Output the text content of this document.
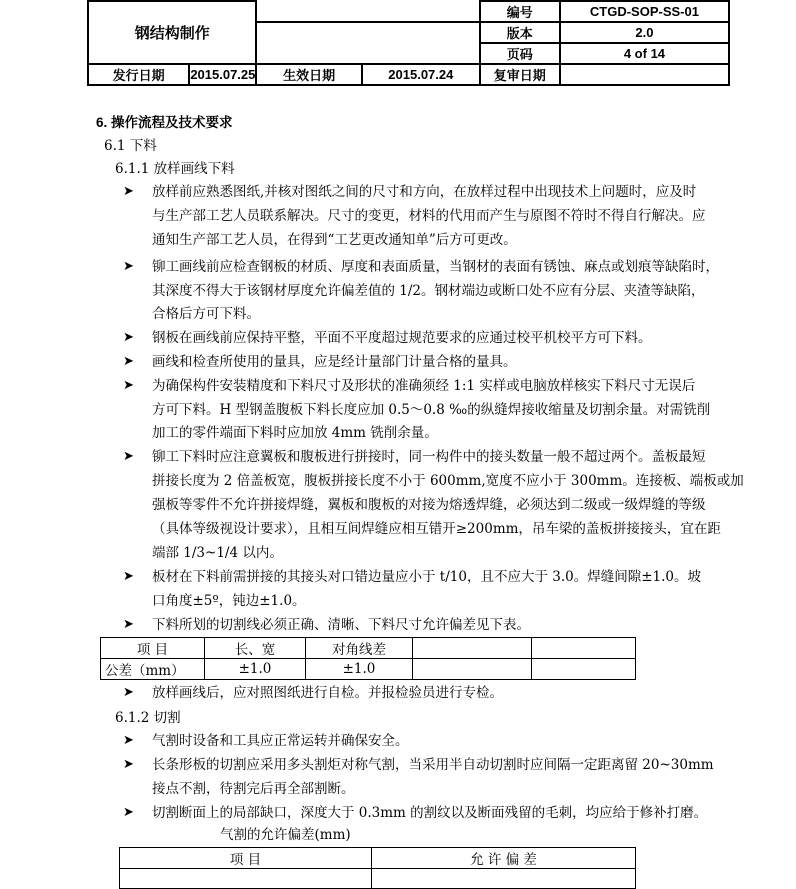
钢结构制作				编号	CTGD-SOP-SS-01
				版本	2.0
				页码	4 of 14
发行日期	2015.07.25	生效日期	2015.07.24	复审日期	
6. 操作流程及技术要求
6.1 下料
6.1.1 放样画线下料
➤ 放样前应熟悉图纸,并核对图纸之间的尺寸和方向，在放样过程中出现技术上问题时，应及时
与生产部工艺人员联系解决。尺寸的变更，材料的代用而产生与原图不符时不得自行解决。应
通知生产部工艺人员，在得到“工艺更改通知单”后方可更改。
➤ 铆工画线前应检查钢板的材质、厚度和表面质量，当钢材的表面有锈蚀、麻点或划痕等缺陷时，
其深度不得大于该钢材厚度允许偏差值的 1/2。钢材端边或断口处不应有分层、夹渣等缺陷，
合格后方可下料。
➤ 钢板在画线前应保持平整，平面不平度超过规范要求的应通过校平机校平方可下料。
➤ 画线和检查所使用的量具，应是经计量部门计量合格的量具。
➤ 为确保构件安装精度和下料尺寸及形状的准确须经 1:1 实样或电脑放样核实下料尺寸无误后
方可下料。H 型钢盖腹板下料长度应加 0.5～0.8 ‰的纵缝焊接收缩量及切割余量。对需铣削
加工的零件端面下料时应加放 4mm 铣削余量。
➤ 铆工下料时应注意翼板和腹板进行拼接时，同一构件中的接头数量一般不超过两个。盖板最短
拼接长度为 2 倍盖板宽，腹板拼接长度不小于 600mm,宽度不应小于 300mm。连接板、端板或加
强板等零件不允许拼接焊缝，翼板和腹板的对接为熔透焊缝，必须达到二级或一级焊缝的等级
（具体等级视设计要求），且相互间焊缝应相互错开≥200mm，吊车梁的盖板拼接接头，宜在距
端部 1/3~1/4 以内。
➤ 板材在下料前需拼接的其接头对口错边量应小于 t/10，且不应大于 3.0。焊缝间隙±1.0。坡
口角度±5º，钝边±1.0。
➤ 下料所划的切割线必须正确、清晰、下料尺寸允许偏差见下表。
项 目	长、宽	对角线差		
公差（mm）	±1.0	±1.0		
➤ 放样画线后，应对照图纸进行自检。并报检验员进行专检。
6.1.2 切割
➤ 气割时设备和工具应正常运转并确保安全。
➤ 长条形板的切割应采用多头割炬对称气割，当采用半自动切割时应间隔一定距离留 20~30mm
接点不割，待割完后再全部割断。
➤ 切割断面上的局部缺口，深度大于 0.3mm 的割纹以及断面残留的毛刺，均应给于修补打磨。
气割的允许偏差(mm)
项 目	允 许 偏 差
